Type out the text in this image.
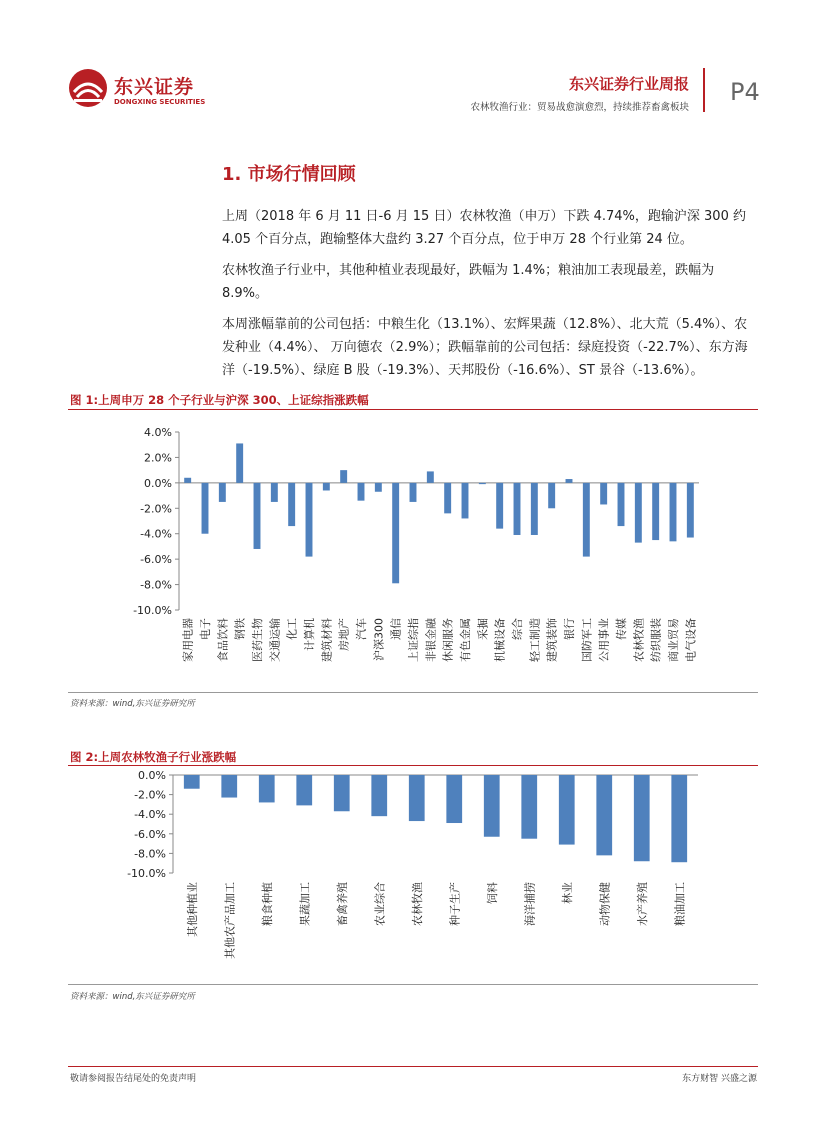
东兴证券
DONGXING SECURITIES
东兴证券行业周报
农林牧渔行业：贸易战愈演愈烈，持续推荐畜禽板块
P4
1. 市场行情回顾
上周（2018 年 6 月 11 日-6 月 15 日）农林牧渔（申万）下跌 4.74%，跑输沪深 300 约 4.05 个百分点，跑输整体大盘约 3.27 个百分点，位于申万 28 个行业第 24 位。
农林牧渔子行业中，其他种植业表现最好，跌幅为 1.4%；粮油加工表现最差，跌幅为 8.9%。
本周涨幅靠前的公司包括：中粮生化（13.1%）、宏辉果蔬（12.8%）、北大荒（5.4%）、农发种业（4.4%）、 万向德农（2.9%）；跌幅靠前的公司包括：绿庭投资（-22.7%）、东方海洋（-19.5%）、绿庭 B 股（-19.3%）、天邦股份（-16.6%）、ST 景谷（-13.6%）。
图 1:上周申万 28 个子行业与沪深 300、上证综指涨跌幅
4.0%
2.0%
0.0%
-2.0%
-4.0%
-6.0%
-8.0%
-10.0%
家用电器 电子 食品饮料 钢铁 医药生物 交通运输 化工 计算机 建筑材料 房地产 汽车 沪深300 通信 上证综指 非银金融 休闲服务 有色金属 采掘 机械设备 综合 轻工制造 建筑装饰 银行 国防军工 公用事业 传媒 农林牧渔 纺织服装 商业贸易 电气设备
资料来源：wind,东兴证券研究所
图 2:上周农林牧渔子行业涨跌幅
0.0%
-2.0%
-4.0%
-6.0%
-8.0%
-10.0%
其他种植业 其他农产品加工 粮食种植 果蔬加工 畜禽养殖 农业综合 农林牧渔 种子生产 饲料 海洋捕捞 林业 动物保健 水产养殖 粮油加工
资料来源：wind,东兴证券研究所
敬请参阅报告结尾处的免责声明	东方财智 兴盛之源
